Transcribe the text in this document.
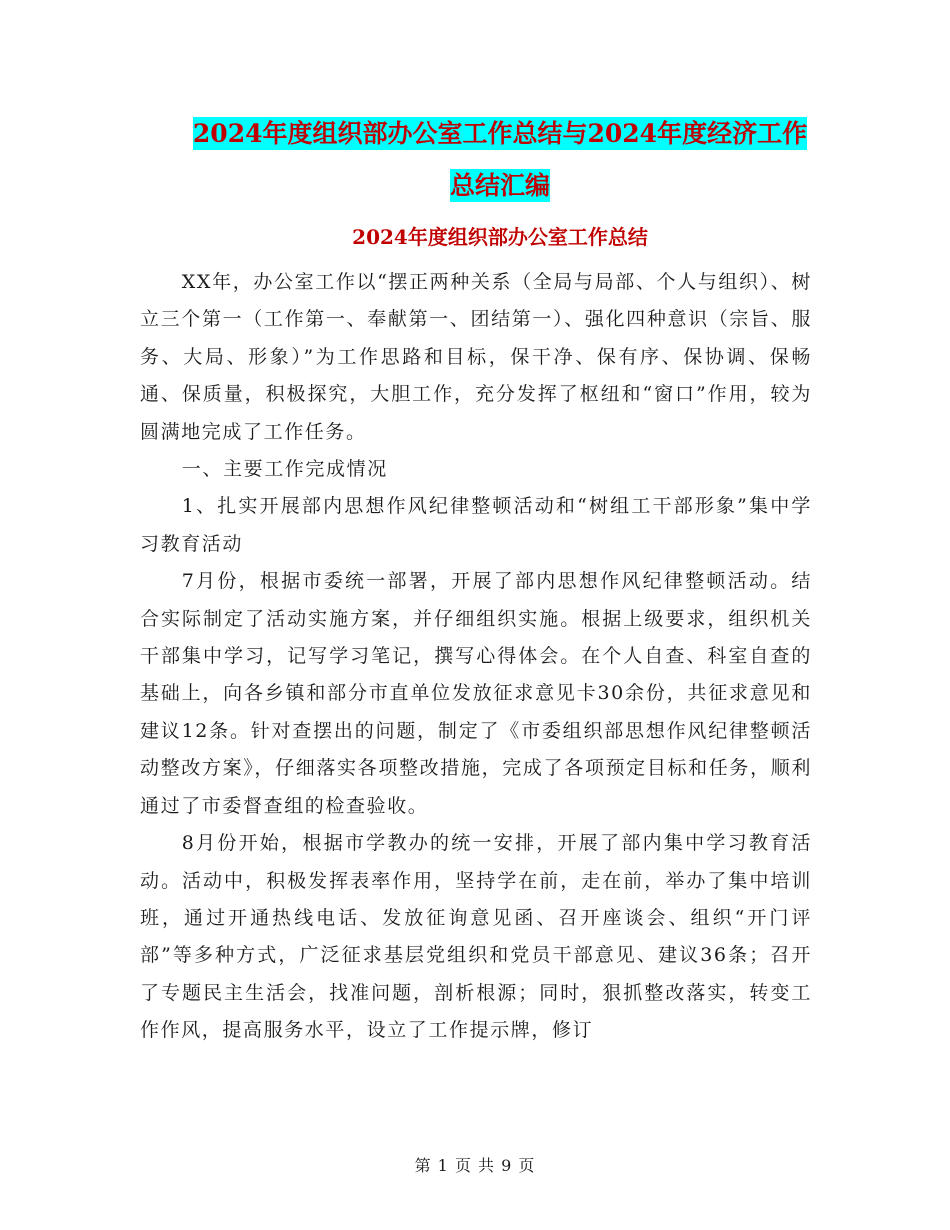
2024年度组织部办公室工作总结与2024年度经济工作
总结汇编
2024年度组织部办公室工作总结

XX年，办公室工作以“摆正两种关系（全局与局部、个人与组织）、树立三个第一（工作第一、奉献第一、团结第一）、强化四种意识（宗旨、服务、大局、形象）”为工作思路和目标，保干净、保有序、保协调、保畅通、保质量，积极探究，大胆工作，充分发挥了枢纽和“窗口”作用，较为圆满地完成了工作任务。

一、主要工作完成情况

1、扎实开展部内思想作风纪律整顿活动和“树组工干部形象”集中学习教育活动

7月份，根据市委统一部署，开展了部内思想作风纪律整顿活动。结合实际制定了活动实施方案，并仔细组织实施。根据上级要求，组织机关干部集中学习，记写学习笔记，撰写心得体会。在个人自查、科室自查的基础上，向各乡镇和部分市直单位发放征求意见卡30余份，共征求意见和建议12条。针对查摆出的问题，制定了《市委组织部思想作风纪律整顿活动整改方案》，仔细落实各项整改措施，完成了各项预定目标和任务，顺利通过了市委督查组的检查验收。

8月份开始，根据市学教办的统一安排，开展了部内集中学习教育活动。活动中，积极发挥表率作用，坚持学在前，走在前，举办了集中培训班，通过开通热线电话、发放征询意见函、召开座谈会、组织“开门评部”等多种方式，广泛征求基层党组织和党员干部意见、建议36条；召开了专题民主生活会，找准问题，剖析根源；同时，狠抓整改落实，转变工作作风，提高服务水平，设立了工作提示牌，修订

第 1 页 共 9 页
